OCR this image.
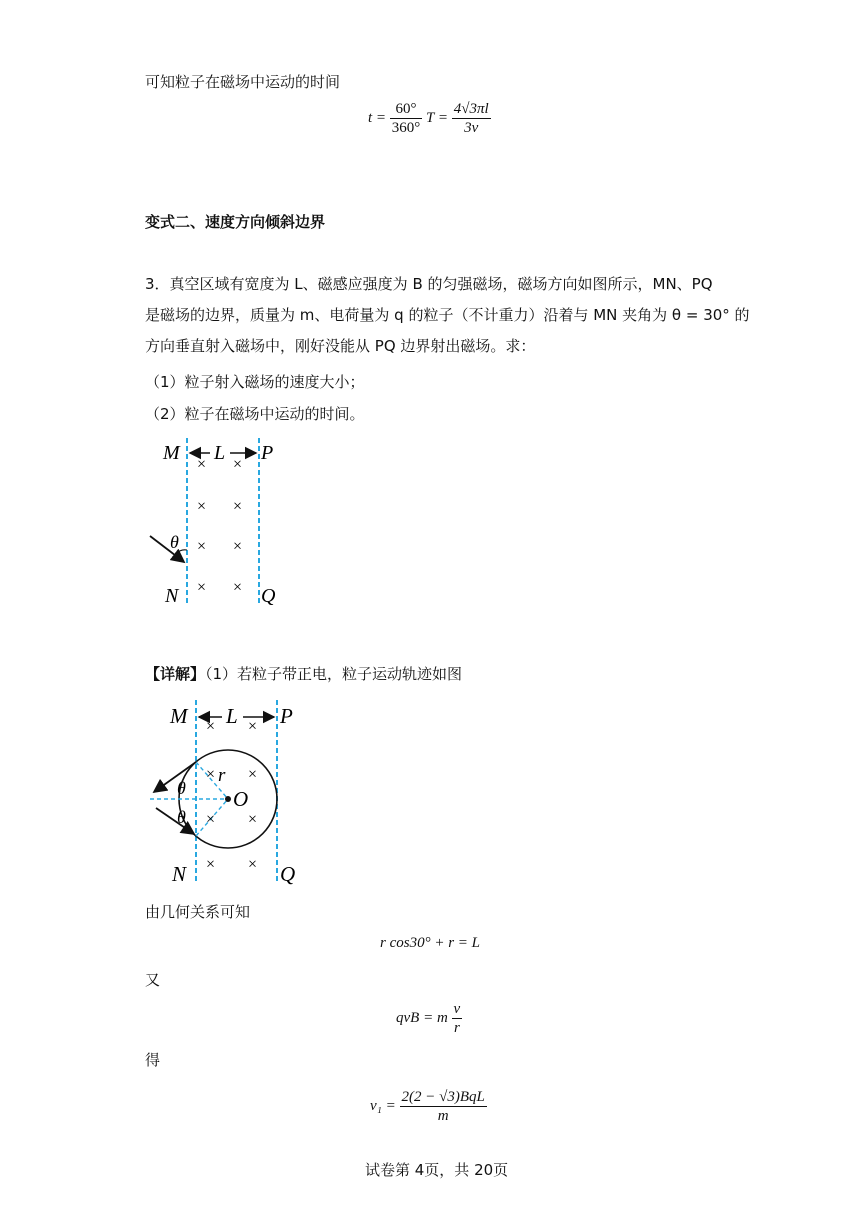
可知粒子在磁场中运动的时间
$t = \frac{60^\circ}{360^\circ}$ $T = \frac{4√3\pi l}{3v}$
变式二、速度方向倾斜边界
3．真空区域有宽度为 L、磁感应强度为 B 的匀强磁场，磁场方向如图所示，MN、PQ
是磁场的边界，质量为 m、电荷量为 q 的粒子（不计重力）沿着与 MN 夹角为 θ = 30° 的
方向垂直射入磁场中，刚好没能从 PQ 边界射出磁场。求：
（1）粒子射入磁场的速度大小；
（2）粒子在磁场中运动的时间。
M	P
N	Q
L
× ×
× ×
× ×
× ×
θ
【详解】（1）若粒子带正电，粒子运动轨迹如图
M	P
N	Q
L
O
r
θ
θ
× ×
× ×
× ×
× ×
由几何关系可知
r cos30° + r = L
又
qvB = m $\frac{v}{r}$
得
$v_1 = \frac{\text{2(2 − √3)BqL}}{m}$
试卷第 4页，共 20页
